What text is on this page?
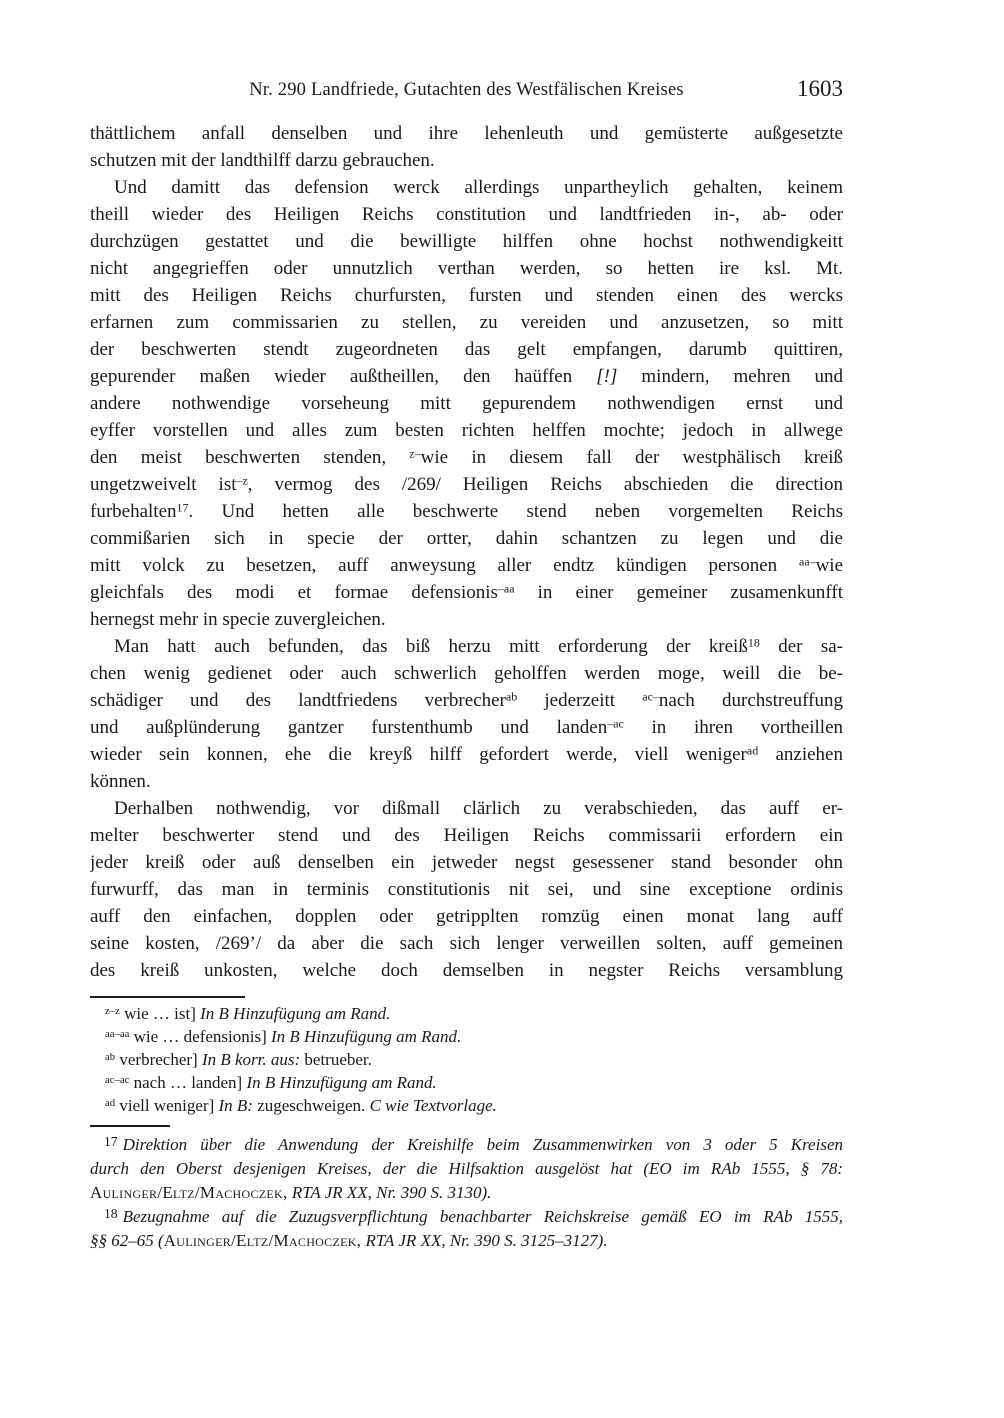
Nr. 290 Landfriede, Gutachten des Westfälischen Kreises	1603
thättlichem anfall denselben und ihre lehenleuth und gemüsterte außgesetzte
schutzen mit der landthilff darzu gebrauchen.
Und damitt das defension werck allerdings unpartheylich gehalten, keinem
theill wieder des Heiligen Reichs constitution und landtfrieden in-, ab- oder
durchzügen gestattet und die bewilligte hilffen ohne hochst nothwendigkeitt
nicht angegrieffen oder unnutzlich verthan werden, so hetten ire ksl. Mt.
mitt des Heiligen Reichs churfursten, fursten und stenden einen des wercks
erfarnen zum commissarien zu stellen, zu vereiden und anzusetzen, so mitt
der beschwerten stendt zugeordneten das gelt empfangen, darumb quittiren,
gepurender maßen wieder außtheillen, den haüffen [!] mindern, mehren und
andere nothwendige vorseheung mitt gepurendem nothwendigen ernst und
eyffer vorstellen und alles zum besten richten helffen mochte; jedoch in allwege
den meist beschwerten stenden, $^{z-}$wie in diesem fall der westphälisch kreiß
ungetzweivelt ist$^{-z}$, vermog des /269/ Heiligen Reichs abschieden die direction
furbehalten$^{17}$. Und hetten alle beschwerte stend neben vorgemelten Reichs
commißarien sich in specie der ortter, dahin schantzen zu legen und die
mitt volck zu besetzen, auff anweysung aller endtz kündigen personen $^{aa-}$wie
gleichfals des modi et formae defensionis$^{-aa}$ in einer gemeiner zusamenkunfft
hernegst mehr in specie zuvergleichen.
Man hatt auch befunden, das biß herzu mitt erforderung der kreiß$^{18}$ der sa-
chen wenig gedienet oder auch schwerlich geholffen werden moge, weill die be-
schädiger und des landtfriedens verbrecher$^{ab}$ jederzeitt $^{ac-}$nach durchstreuffung
und außplünderung gantzer furstenthumb und landen$^{-ac}$ in ihren vortheillen
wieder sein konnen, ehe die kreyß hilff gefordert werde, viell weniger$^{ad}$ anziehen
können.
Derhalben nothwendig, vor dißmall clärlich zu verabschieden, das auff er-
melter beschwerter stend und des Heiligen Reichs commissarii erfordern ein
jeder kreiß oder auß denselben ein jetweder negst gesessener stand besonder ohn
furwurff, das man in terminis constitutionis nit sei, und sine exceptione ordinis
auff den einfachen, dopplen oder getripplten romzüg einen monat lang auff
seine kosten, /269’/ da aber die sach sich lenger verweillen solten, auff gemeinen
des kreiß unkosten, welche doch demselben in negster Reichs versamblung
$^{z-z}$ wie … ist] In B Hinzufügung am Rand.
$^{aa-aa}$ wie … defensionis] In B Hinzufügung am Rand.
$^{ab}$ verbrecher] In B korr. aus: betrueber.
$^{ac-ac}$ nach … landen] In B Hinzufügung am Rand.
$^{ad}$ viell weniger] In B: zugeschweigen. C wie Textvorlage.
$^{17}$ Direktion über die Anwendung der Kreishilfe beim Zusammenwirken von 3 oder 5 Kreisen
durch den Oberst desjenigen Kreises, der die Hilfsaktion ausgelöst hat (EO im RAb 1555, § 78:
Aulinger/Eltz/Machoczek, RTA JR XX, Nr. 390 S. 3130).
$^{18}$ Bezugnahme auf die Zuzugsverpflichtung benachbarter Reichskreise gemäß EO im RAb 1555,
§§ 62–65 (Aulinger/Eltz/Machoczek, RTA JR XX, Nr. 390 S. 3125–3127).
